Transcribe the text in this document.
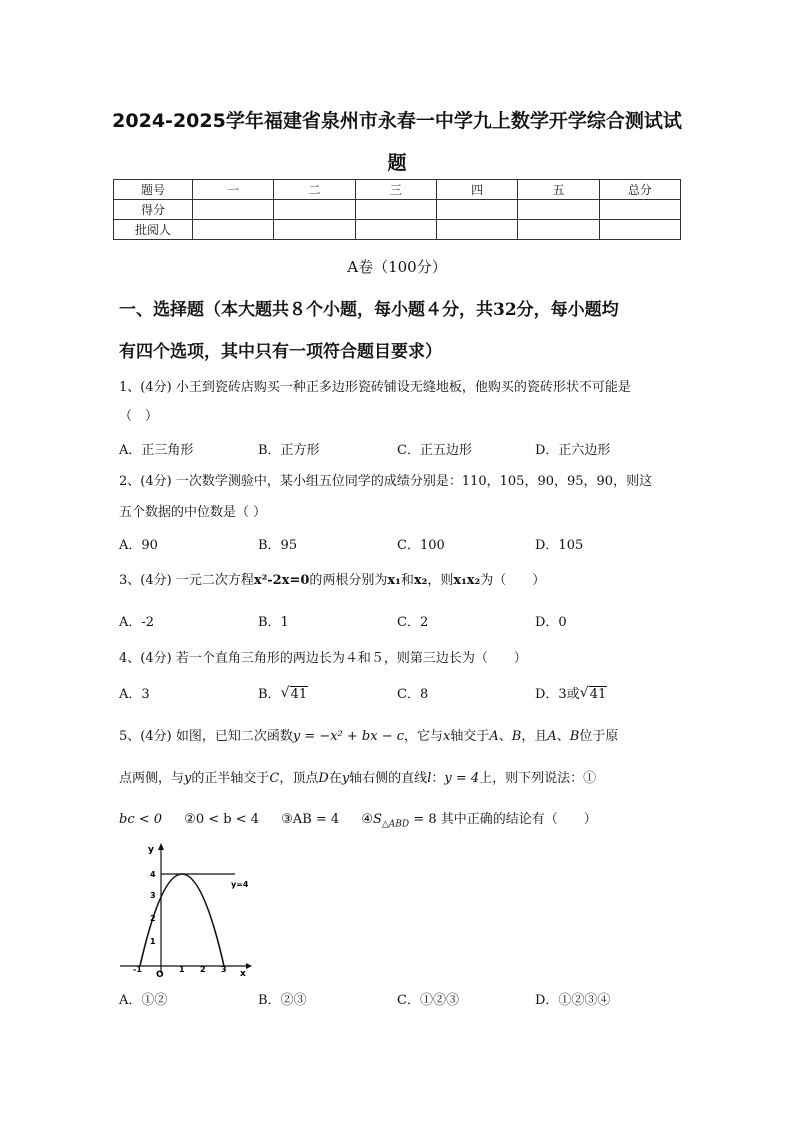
2024-2025学年福建省泉州市永春一中学九上数学开学综合测试试
题
题号	一	二	三	四	五	总分
得分						
批阅人						
A卷（100分）
一、选择题（本大题共８个小题，每小题４分，共32分，每小题均
有四个选项，其中只有一项符合题目要求）
1、(4分) 小王到瓷砖店购买一种正多边形瓷砖铺设无缝地板，他购买的瓷砖形状不可能是
（　）
A．正三角形	B．正方形	C．正五边形	D．正六边形
2、(4分) 一次数学测验中，某小组五位同学的成绩分别是：110，105，90，95，90，则这
五个数据的中位数是（ ）
A．90	B．95	C．100	D．105
3、(4分) 一元二次方程x²-2x=0的两根分别为x₁和x₂，则x₁x₂为（　　）
A．-2	B．1	C．2	D．0
4、(4分) 若一个直角三角形的两边长为４和５，则第三边长为（　　）
A．3	B． √ 41	C．8	D．3或 √ 41
5、(4分) 如图，已知二次函数y = −x² + bx − c，它与x轴交于A、B，且A、B位于原
点两侧，与y的正半轴交于C，顶点D在y轴右侧的直线l：y = 4上，则下列说法：①
bc < 0 ②0 < b < 4 ③AB = 4 $④S_{\triangle ABD} = 8$ 其中正确的结论有（　　）
y
x
O
y=4
-1	1 2 3
1
2
3
4
A．①②	B．②③	C．①②③	D．①②③④
